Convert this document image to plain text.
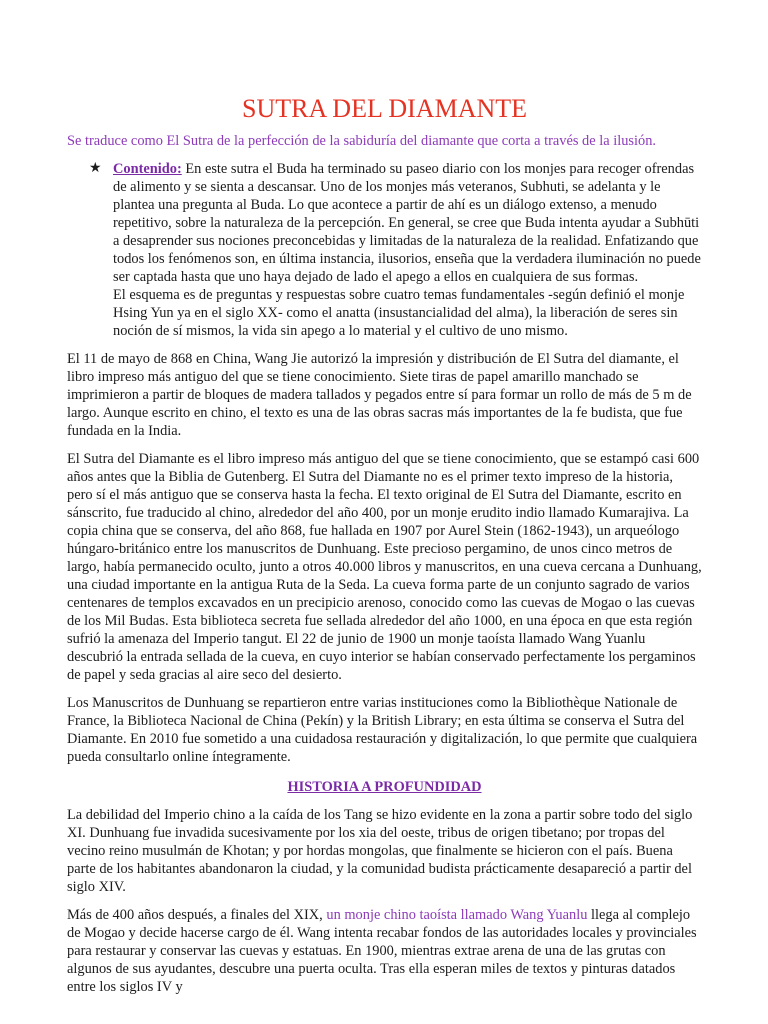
SUTRA DEL DIAMANTE

Se traduce como El Sutra de la perfección de la sabiduría del diamante que corta a través de la ilusión.

★ Contenido: En este sutra el Buda ha terminado su paseo diario con los monjes para recoger ofrendas de alimento y se sienta a descansar. Uno de los monjes más veteranos, Subhuti, se adelanta y le plantea una pregunta al Buda. Lo que acontece a partir de ahí es un diálogo extenso, a menudo repetitivo, sobre la naturaleza de la percepción. En general, se cree que Buda intenta ayudar a Subhūti a desaprender sus nociones preconcebidas y limitadas de la naturaleza de la realidad. Enfatizando que todos los fenómenos son, en última instancia, ilusorios, enseña que la verdadera iluminación no puede ser captada hasta que uno haya dejado de lado el apego a ellos en cualquiera de sus formas.

El esquema es de preguntas y respuestas sobre cuatro temas fundamentales -según definió el monje Hsing Yun ya en el siglo XX- como el anatta (insustancialidad del alma), la liberación de seres sin noción de sí mismos, la vida sin apego a lo material y el cultivo de uno mismo.

El 11 de mayo de 868 en China, Wang Jie autorizó la impresión y distribución de El Sutra del diamante, el libro impreso más antiguo del que se tiene conocimiento. Siete tiras de papel amarillo manchado se imprimieron a partir de bloques de madera tallados y pegados entre sí para formar un rollo de más de 5 m de largo. Aunque escrito en chino, el texto es una de las obras sacras más importantes de la fe budista, que fue fundada en la India.

El Sutra del Diamante es el libro impreso más antiguo del que se tiene conocimiento, que se estampó casi 600 años antes que la Biblia de Gutenberg. El Sutra del Diamante no es el primer texto impreso de la historia, pero sí el más antiguo que se conserva hasta la fecha. El texto original de El Sutra del Diamante, escrito en sánscrito, fue traducido al chino, alrededor del año 400, por un monje erudito indio llamado Kumarajiva. La copia china que se conserva, del año 868, fue hallada en 1907 por Aurel Stein (1862-1943), un arqueólogo húngaro-británico entre los manuscritos de Dunhuang. Este precioso pergamino, de unos cinco metros de largo, había permanecido oculto, junto a otros 40.000 libros y manuscritos, en una cueva cercana a Dunhuang, una ciudad importante en la antigua Ruta de la Seda. La cueva forma parte de un conjunto sagrado de varios centenares de templos excavados en un precipicio arenoso, conocido como las cuevas de Mogao o las cuevas de los Mil Budas. Esta biblioteca secreta fue sellada alrededor del año 1000, en una época en que esta región sufrió la amenaza del Imperio tangut. El 22 de junio de 1900 un monje taoísta llamado Wang Yuanlu descubrió la entrada sellada de la cueva, en cuyo interior se habían conservado perfectamente los pergaminos de papel y seda gracias al aire seco del desierto.

Los Manuscritos de Dunhuang se repartieron entre varias instituciones como la Bibliothèque Nationale de France, la Biblioteca Nacional de China (Pekín) y la British Library; en esta última se conserva el Sutra del Diamante. En 2010 fue sometido a una cuidadosa restauración y digitalización, lo que permite que cualquiera pueda consultarlo online íntegramente.

HISTORIA A PROFUNDIDAD

La debilidad del Imperio chino a la caída de los Tang se hizo evidente en la zona a partir sobre todo del siglo XI. Dunhuang fue invadida sucesivamente por los xia del oeste, tribus de origen tibetano; por tropas del vecino reino musulmán de Khotan; y por hordas mongolas, que finalmente se hicieron con el país. Buena parte de los habitantes abandonaron la ciudad, y la comunidad budista prácticamente desapareció a partir del siglo XIV.

Más de 400 años después, a finales del XIX, un monje chino taoísta llamado Wang Yuanlu llega al complejo de Mogao y decide hacerse cargo de él. Wang intenta recabar fondos de las autoridades locales y provinciales para restaurar y conservar las cuevas y estatuas. En 1900, mientras extrae arena de una de las grutas con algunos de sus ayudantes, descubre una puerta oculta. Tras ella esperan miles de textos y pinturas datados entre los siglos IV y
